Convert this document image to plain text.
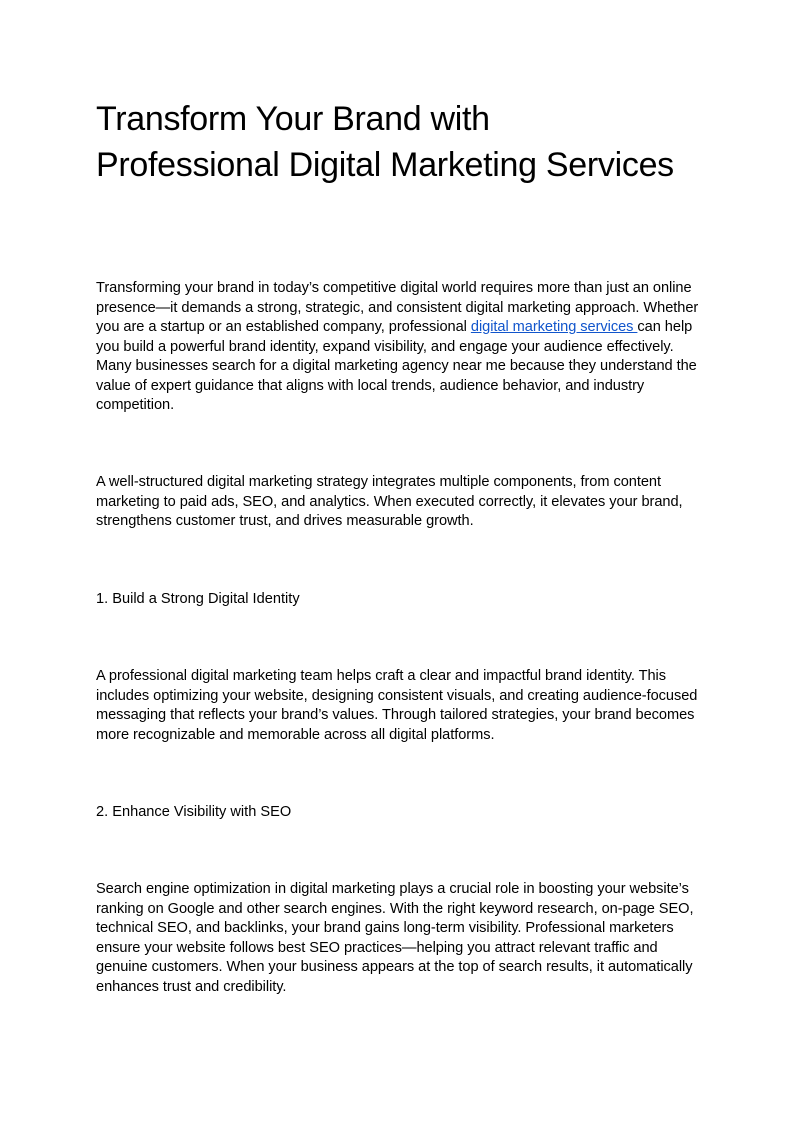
Transform Your Brand with
Professional Digital Marketing Services

Transforming your brand in today’s competitive digital world requires more than just an online presence—it demands a strong, strategic, and consistent digital marketing approach. Whether you are a startup or an established company, professional digital marketing services can help you build a powerful brand identity, expand visibility, and engage your audience effectively. Many businesses search for a digital marketing agency near me because they understand the value of expert guidance that aligns with local trends, audience behavior, and industry competition.

A well-structured digital marketing strategy integrates multiple components, from content marketing to paid ads, SEO, and analytics. When executed correctly, it elevates your brand, strengthens customer trust, and drives measurable growth.

1. Build a Strong Digital Identity

A professional digital marketing team helps craft a clear and impactful brand identity. This includes optimizing your website, designing consistent visuals, and creating audience-focused messaging that reflects your brand’s values. Through tailored strategies, your brand becomes more recognizable and memorable across all digital platforms.

2. Enhance Visibility with SEO

Search engine optimization in digital marketing plays a crucial role in boosting your website’s ranking on Google and other search engines. With the right keyword research, on-page SEO, technical SEO, and backlinks, your brand gains long-term visibility. Professional marketers ensure your website follows best SEO practices—helping you attract relevant traffic and genuine customers. When your business appears at the top of search results, it automatically enhances trust and credibility.
